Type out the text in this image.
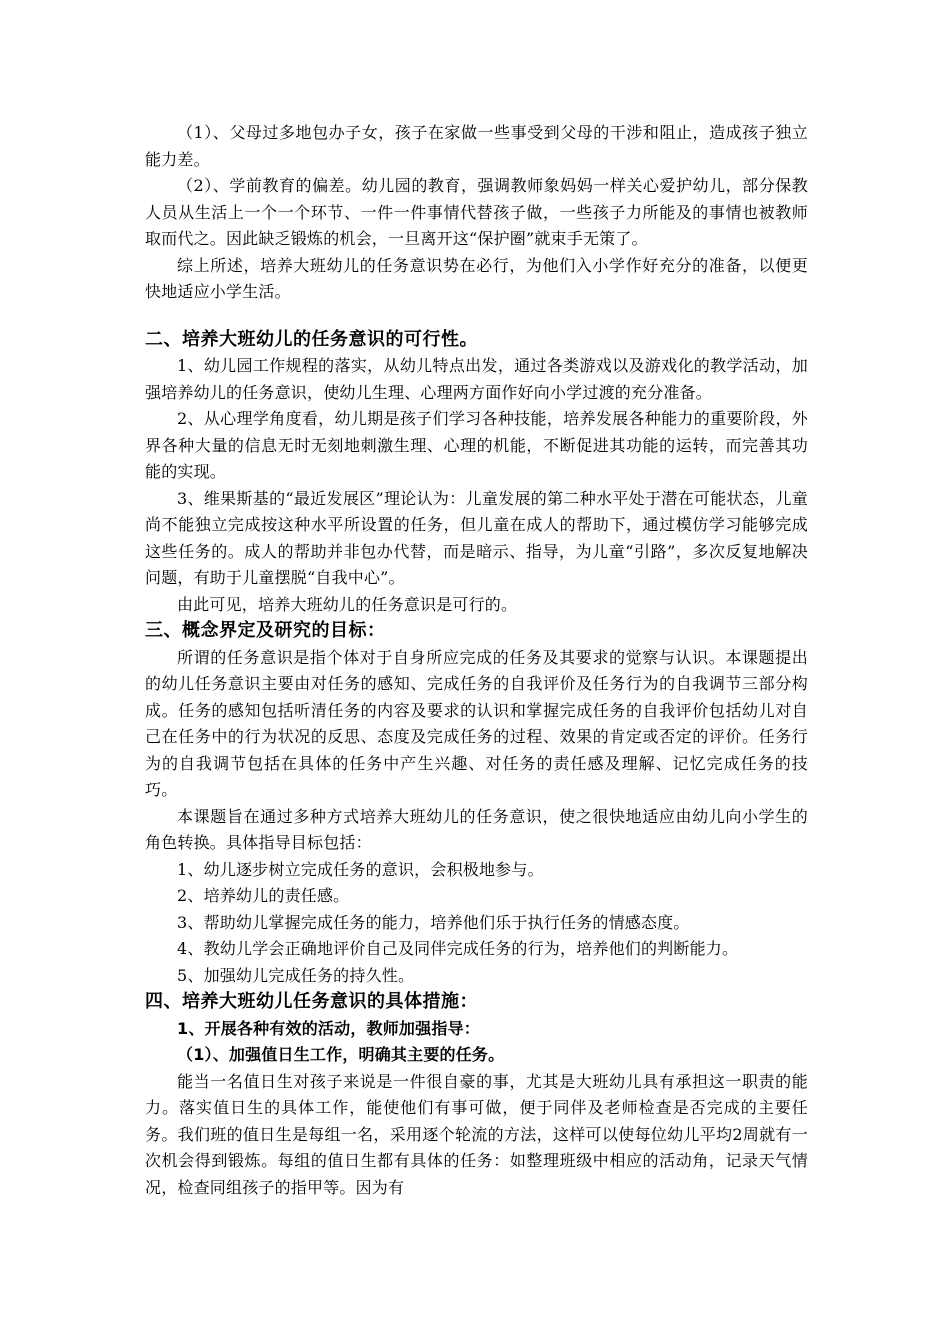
（1）、父母过多地包办子女，孩子在家做一些事受到父母的干涉和阻止，造成孩子独立能力差。

（2）、学前教育的偏差。幼儿园的教育，强调教师象妈妈一样关心爱护幼儿，部分保教人员从生活上一个一个环节、一件一件事情代替孩子做，一些孩子力所能及的事情也被教师取而代之。因此缺乏锻炼的机会，一旦离开这“保护圈”就束手无策了。

综上所述，培养大班幼儿的任务意识势在必行，为他们入小学作好充分的准备，以便更快地适应小学生活。

二、培养大班幼儿的任务意识的可行性。

1、幼儿园工作规程的落实，从幼儿特点出发，通过各类游戏以及游戏化的教学活动，加强培养幼儿的任务意识，使幼儿生理、心理两方面作好向小学过渡的充分准备。

2、从心理学角度看，幼儿期是孩子们学习各种技能，培养发展各种能力的重要阶段，外界各种大量的信息无时无刻地刺激生理、心理的机能，不断促进其功能的运转，而完善其功能的实现。

3、维果斯基的“最近发展区”理论认为：儿童发展的第二种水平处于潜在可能状态，儿童尚不能独立完成按这种水平所设置的任务，但儿童在成人的帮助下，通过模仿学习能够完成这些任务的。成人的帮助并非包办代替，而是暗示、指导，为儿童“引路”，多次反复地解决问题，有助于儿童摆脱“自我中心”。

由此可见，培养大班幼儿的任务意识是可行的。

三、概念界定及研究的目标：

所谓的任务意识是指个体对于自身所应完成的任务及其要求的觉察与认识。本课题提出的幼儿任务意识主要由对任务的感知、完成任务的自我评价及任务行为的自我调节三部分构成。任务的感知包括听清任务的内容及要求的认识和掌握完成任务的自我评价包括幼儿对自己在任务中的行为状况的反思、态度及完成任务的过程、效果的肯定或否定的评价。任务行为的自我调节包括在具体的任务中产生兴趣、对任务的责任感及理解、记忆完成任务的技巧。

本课题旨在通过多种方式培养大班幼儿的任务意识，使之很快地适应由幼儿向小学生的角色转换。具体指导目标包括：

1、幼儿逐步树立完成任务的意识，会积极地参与。

2、培养幼儿的责任感。

3、帮助幼儿掌握完成任务的能力，培养他们乐于执行任务的情感态度。

4、教幼儿学会正确地评价自己及同伴完成任务的行为，培养他们的判断能力。

5、加强幼儿完成任务的持久性。

四、培养大班幼儿任务意识的具体措施：
1、开展各种有效的活动，教师加强指导：
（1）、加强值日生工作，明确其主要的任务。

能当一名值日生对孩子来说是一件很自豪的事，尤其是大班幼儿具有承担这一职责的能力。落实值日生的具体工作，能使他们有事可做，便于同伴及老师检查是否完成的主要任务。我们班的值日生是每组一名，采用逐个轮流的方法，这样可以使每位幼儿平均2周就有一次机会得到锻炼。每组的值日生都有具体的任务：如整理班级中相应的活动角，记录天气情况，检查同组孩子的指甲等。因为有
